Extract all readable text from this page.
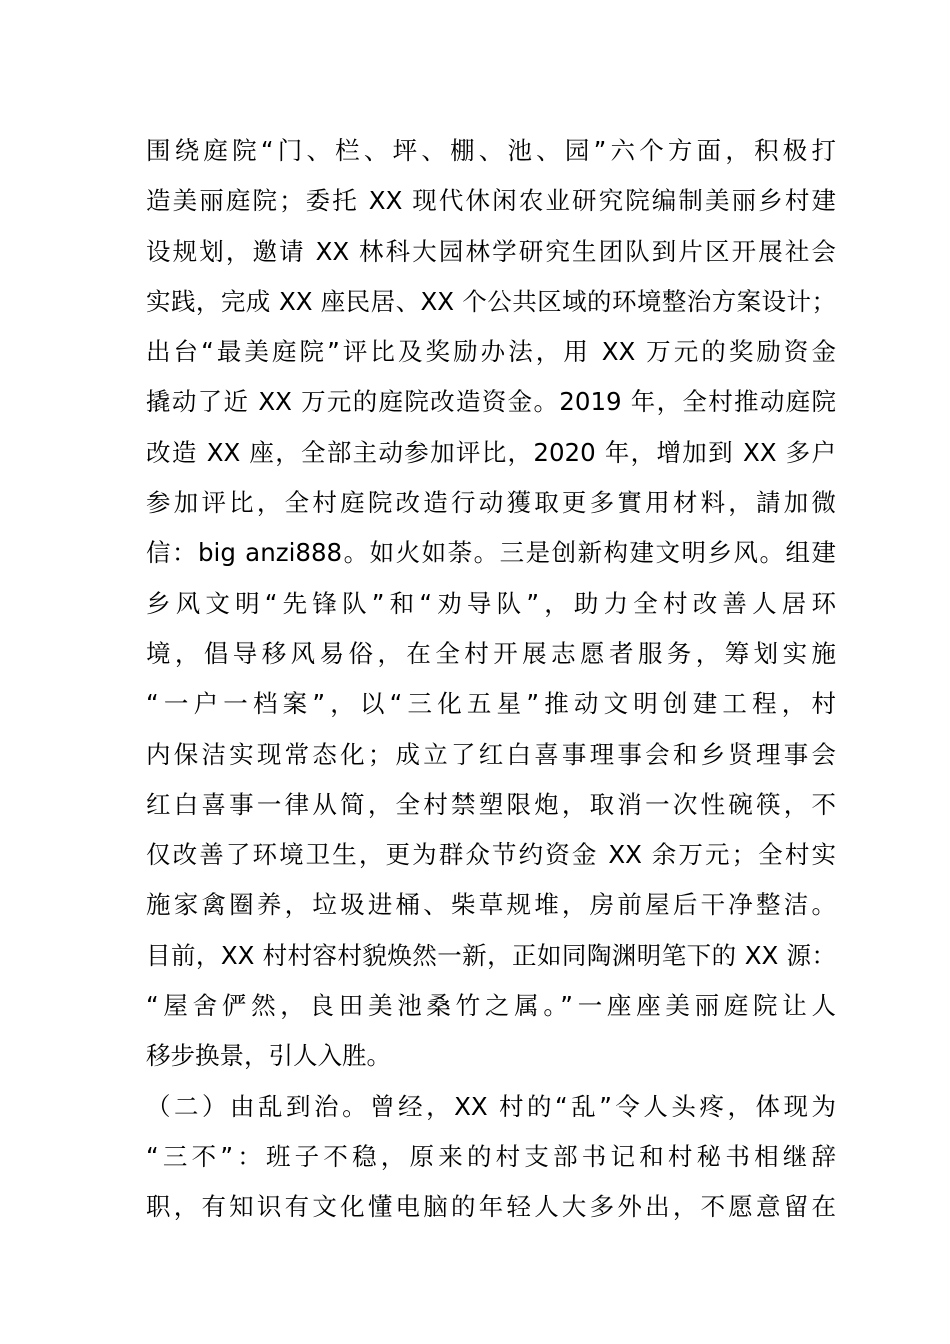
围绕庭院“门、栏、坪、棚、池、园”六个方面，积极打
造美丽庭院；委托 XX 现代休闲农业研究院编制美丽乡村建
设规划，邀请 XX 林科大园林学研究生团队到片区开展社会
实践，完成 XX 座民居、XX 个公共区域的环境整治方案设计；
出台“最美庭院”评比及奖励办法，用 XX 万元的奖励资金
撬动了近 XX 万元的庭院改造资金。2019 年，全村推动庭院
改造 XX 座，全部主动参加评比，2020 年，增加到 XX 多户
参加评比，全村庭院改造行动獲取更多實用材料，請加微
信：big anzi888。如火如荼。三是创新构建文明乡风。组建
乡风文明“先锋队”和“劝导队”，助力全村改善人居环
境，倡导移风易俗，在全村开展志愿者服务，筹划实施
“一户一档案”，以“三化五星”推动文明创建工程，村
内保洁实现常态化；成立了红白喜事理事会和乡贤理事会
红白喜事一律从简，全村禁塑限炮，取消一次性碗筷，不
仅改善了环境卫生，更为群众节约资金 XX 余万元；全村实
施家禽圈养，垃圾进桶、柴草规堆，房前屋后干净整洁。
目前，XX 村村容村貌焕然一新，正如同陶渊明笔下的 XX 源：
“屋舍俨然，良田美池桑竹之属。”一座座美丽庭院让人
移步换景，引人入胜。
（二）由乱到治。曾经，XX 村的“乱”令人头疼，体现为
“三不”：班子不稳，原来的村支部书记和村秘书相继辞
职，有知识有文化懂电脑的年轻人大多外出，不愿意留在
